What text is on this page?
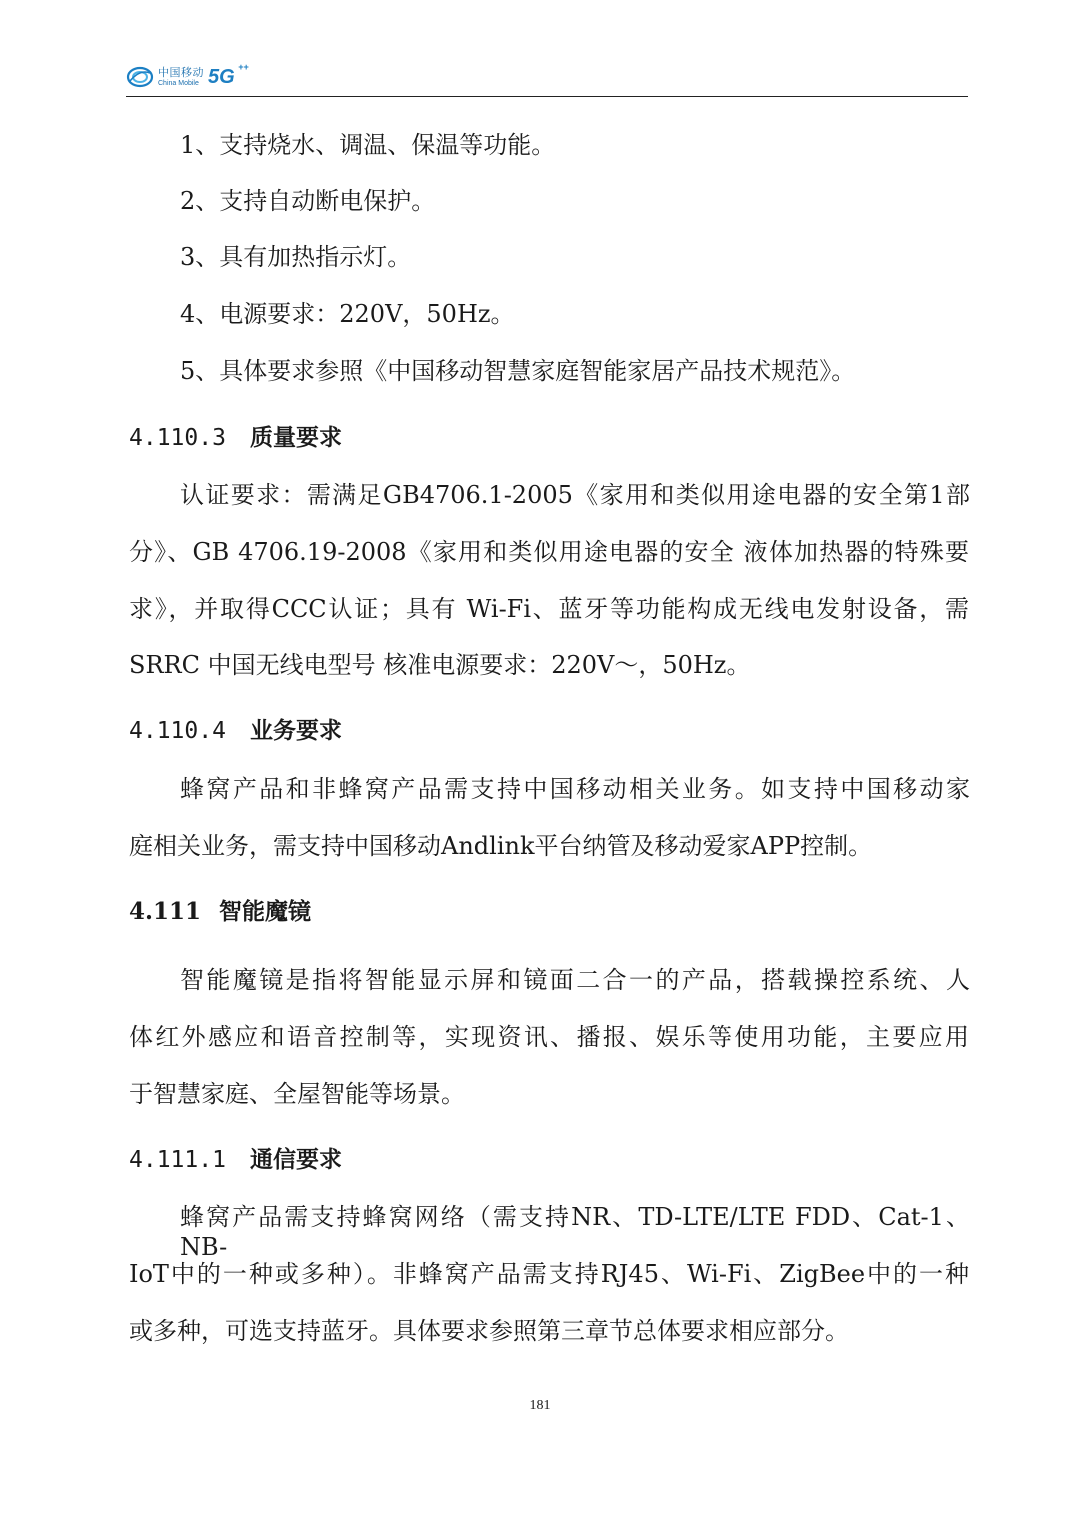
中国移动
China Mobile 5G ++

1、支持烧水、调温、保温等功能。

2、支持自动断电保护。

3、具有加热指示灯。

4、电源要求：220V，50Hz。

5、具体要求参照《中国移动智慧家庭智能家居产品技术规范》。

4.110.3 质量要求

认证要求：需满足GB4706.1-2005《家用和类似用途电器的安全第1部

分》、GB 4706.19-2008《家用和类似用途电器的安全 液体加热器的特殊要

求》，并取得CCC认证；具有 Wi-Fi、蓝牙等功能构成无线电发射设备，需

SRRC 中国无线电型号 核准电源要求：220V～，50Hz。

4.110.4 业务要求

蜂窝产品和非蜂窝产品需支持中国移动相关业务。如支持中国移动家

庭相关业务，需支持中国移动Andlink平台纳管及移动爱家APP控制。

4.111 智能魔镜

智能魔镜是指将智能显示屏和镜面二合一的产品，搭载操控系统、人

体红外感应和语音控制等，实现资讯、播报、娱乐等使用功能，主要应用

于智慧家庭、全屋智能等场景。

4.111.1 通信要求

蜂窝产品需支持蜂窝网络（需支持NR、TD-LTE/LTE FDD、Cat-1、NB-

IoT中的一种或多种）。非蜂窝产品需支持RJ45、Wi-Fi、ZigBee中的一种

或多种，可选支持蓝牙。具体要求参照第三章节总体要求相应部分。

181
